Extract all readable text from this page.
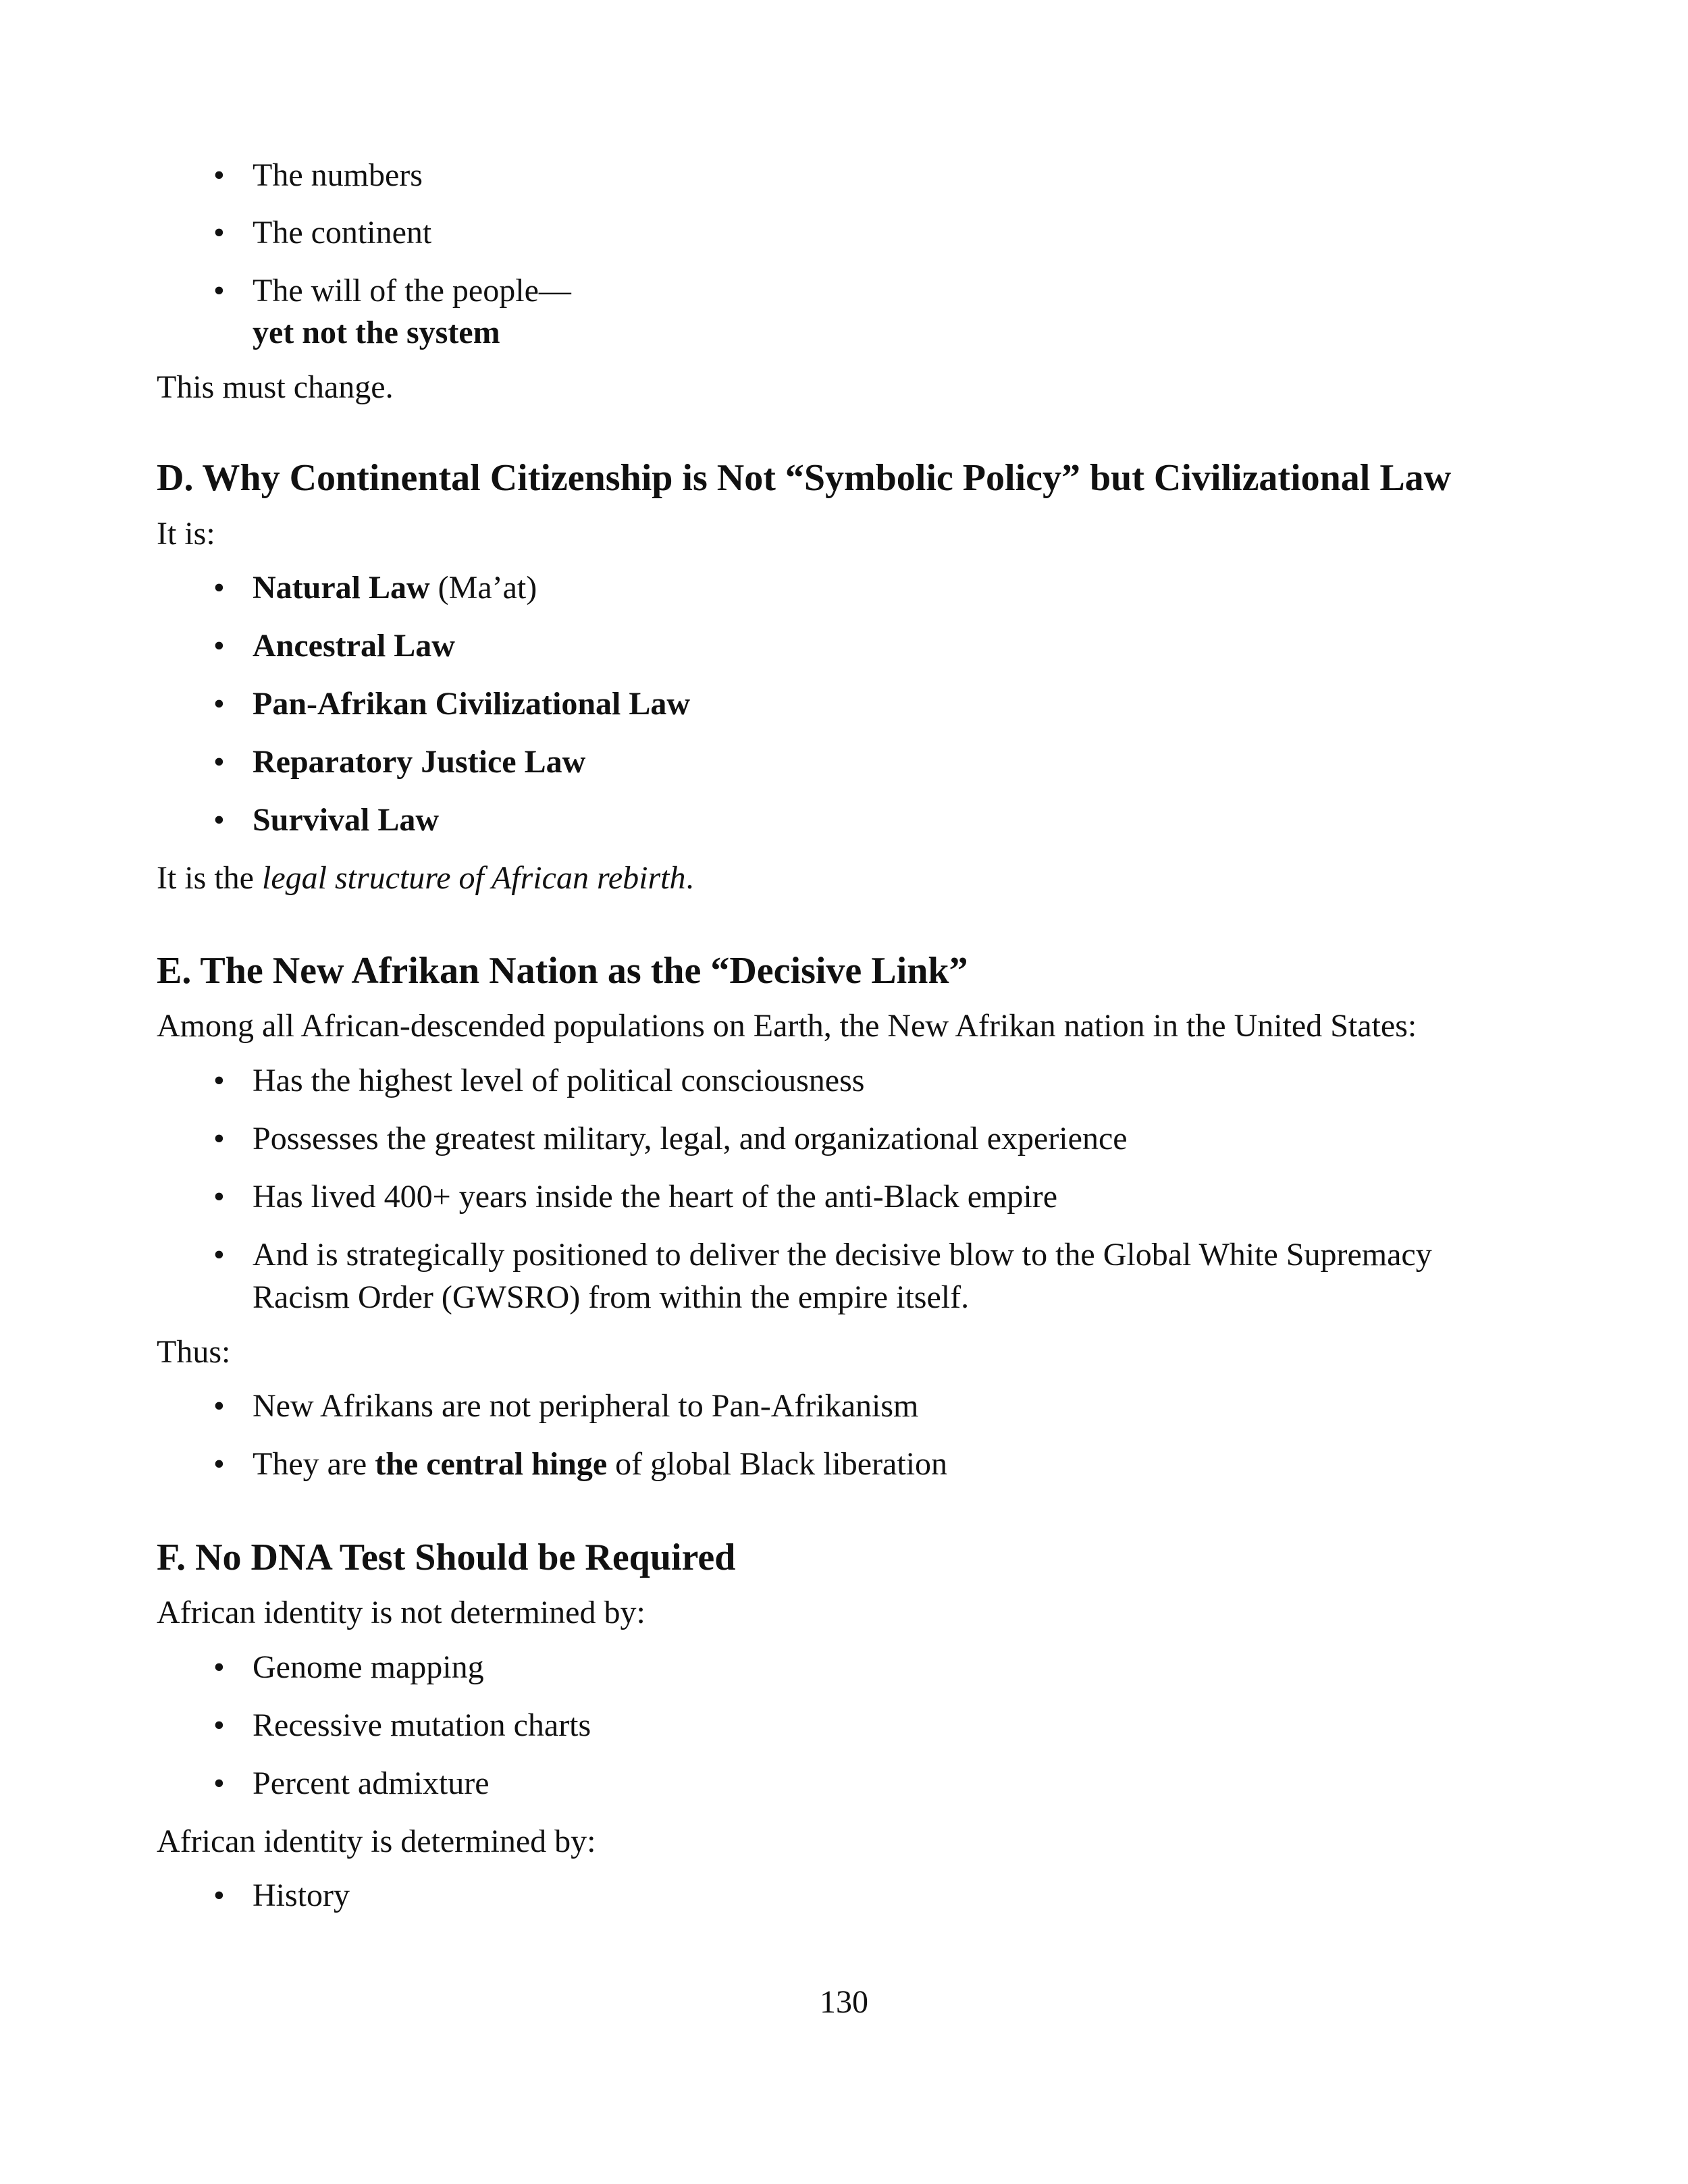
• The numbers
• The continent
• The will of the people—
yet not the system
This must change.
D. Why Continental Citizenship is Not “Symbolic Policy” but Civilizational Law
It is:
• Natural Law (Ma’at)
• Ancestral Law
• Pan-Afrikan Civilizational Law
• Reparatory Justice Law
• Survival Law
It is the legal structure of African rebirth.
E. The New Afrikan Nation as the “Decisive Link”
Among all African-descended populations on Earth, the New Afrikan nation in the United States:
• Has the highest level of political consciousness
• Possesses the greatest military, legal, and organizational experience
• Has lived 400+ years inside the heart of the anti-Black empire
• And is strategically positioned to deliver the decisive blow to the Global White Supremacy
Racism Order (GWSRO) from within the empire itself.
Thus:
• New Afrikans are not peripheral to Pan-Afrikanism
• They are the central hinge of global Black liberation
F. No DNA Test Should be Required
African identity is not determined by:
• Genome mapping
• Recessive mutation charts
• Percent admixture
African identity is determined by:
• History
130
